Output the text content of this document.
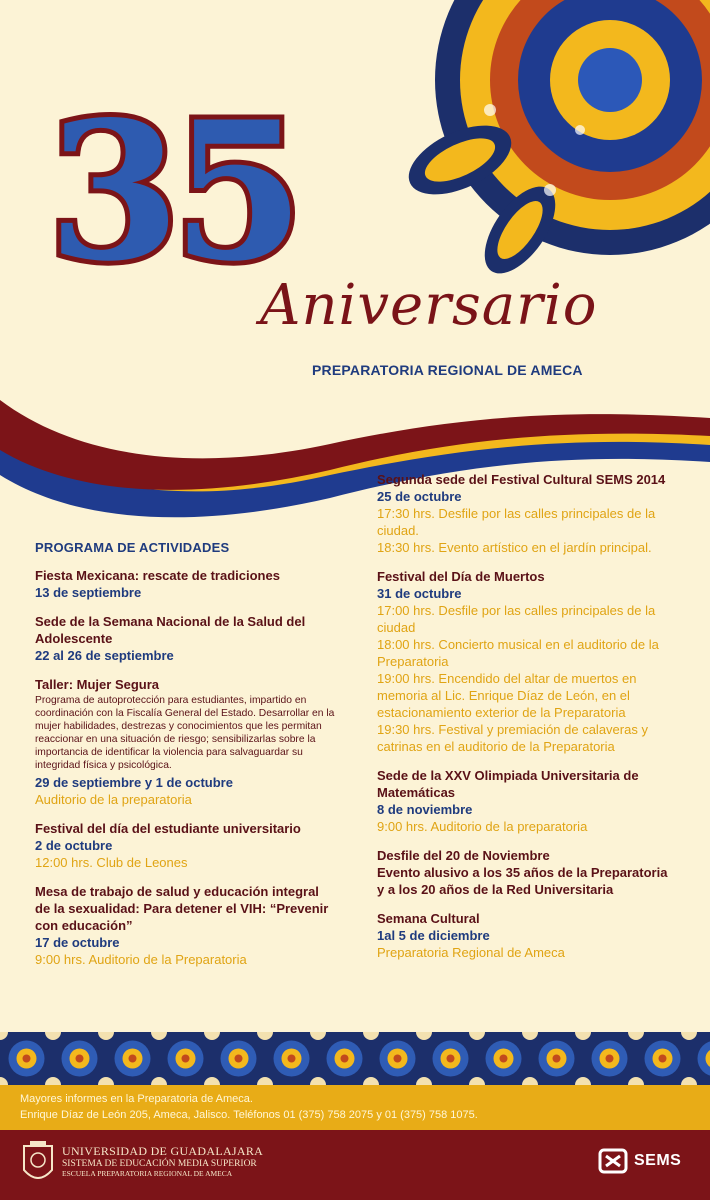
35
Aniversario
PREPARATORIA REGIONAL DE AMECA
PROGRAMA DE ACTIVIDADES
Fiesta Mexicana: rescate de tradiciones
13 de septiembre
Sede de la Semana Nacional de la Salud del Adolescente
22 al 26 de septiembre
Taller: Mujer Segura
Programa de autoprotección para estudiantes, impartido en coordinación con la Fiscalía General del Estado. Desarrollar en la mujer habilidades, destrezas y conocimientos que les permitan reaccionar en una situación de riesgo; sensibilizarlas sobre la importancia de identificar la violencia para salvaguardar su integridad física y psicológica.
29 de septiembre y 1 de octubre
Auditorio de la preparatoria
Festival del día del estudiante universitario
2 de octubre
12:00 hrs. Club de Leones
Mesa de trabajo de salud y educación integral de la sexualidad: Para detener el VIH: “Prevenir con educación”
17 de octubre
9:00 hrs. Auditorio de la Preparatoria
Segunda sede del Festival Cultural SEMS 2014
25 de octubre
17:30 hrs. Desfile por las calles principales de la ciudad.
18:30 hrs. Evento artístico en el jardín principal.
Festival del Día de Muertos
31 de octubre
17:00 hrs. Desfile por las calles principales de la ciudad
18:00 hrs. Concierto musical en el auditorio de la Preparatoria
19:00 hrs. Encendido del altar de muertos en memoria al Lic. Enrique Díaz de León, en el estacionamiento exterior de la Preparatoria
19:30 hrs. Festival y premiación de calaveras y catrinas en el auditorio de la Preparatoria
Sede de la XXV Olimpiada Universitaria de Matemáticas
8 de noviembre
9:00 hrs. Auditorio de la preparatoria
Desfile del 20 de Noviembre
Evento alusivo a los 35 años de la Preparatoria y a los 20 años de la Red Universitaria
Semana Cultural
1al 5 de diciembre
Preparatoria Regional de Ameca
Mayores informes en la Preparatoria de Ameca.
Enrique Díaz de León 205, Ameca, Jalisco. Teléfonos 01 (375) 758 2075 y 01 (375) 758 1075.
UNIVERSIDAD DE GUADALAJARA
SISTEMA DE EDUCACIÓN MEDIA SUPERIOR
ESCUELA PREPARATORIA REGIONAL DE AMECA
SEMS
